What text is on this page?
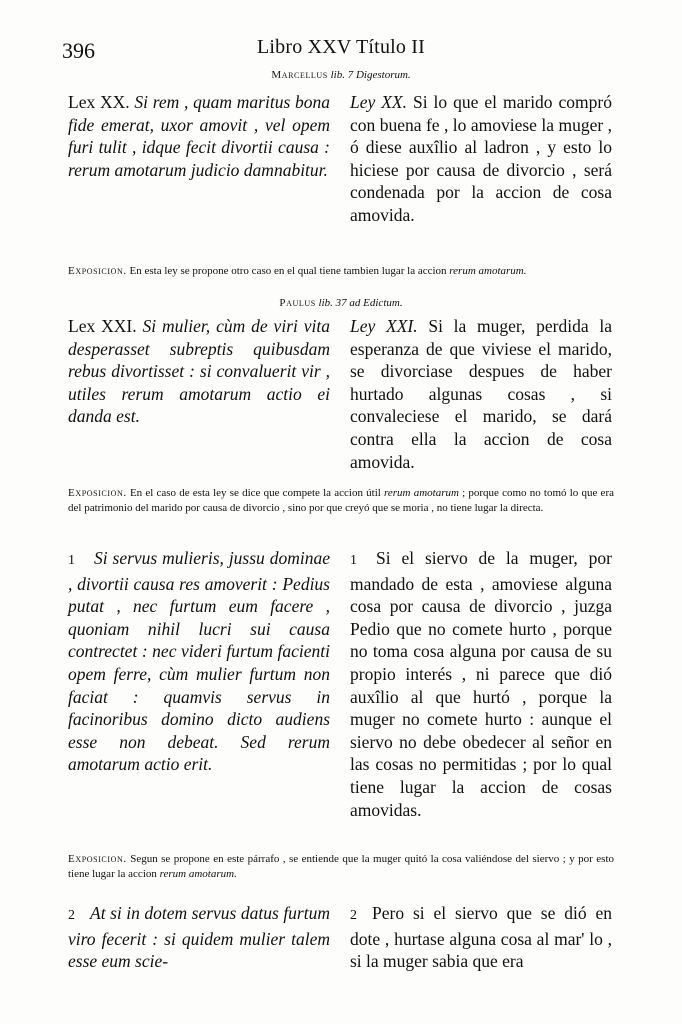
396	Libro XXV Título II
Marcellus lib. 7 Digestorum.

Lex XX. Si rem , quam maritus bona fide emerat, uxor amovit , vel opem furi tulit , idque fecit divortii causa : rerum amotarum judicio damnabitur.

Ley XX. Si lo que el marido compró con buena fe , lo amoviese la muger , ó diese auxîlio al ladron , y esto lo hiciese por causa de divorcio , será condenada por la accion de cosa amovida.

Exposicion. En esta ley se propone otro caso en el qual tiene tambien lugar la accion rerum amotarum.
Paulus lib. 37 ad Edictum.

Lex XXI. Si mulier, cùm de viri vita desperasset subreptis quibusdam rebus divortisset : si convaluerit vir , utiles rerum amotarum actio ei danda est.

Ley XXI. Si la muger, perdida la esperanza de que viviese el marido, se divorciase despues de haber hurtado algunas cosas , si convaleciese el marido, se dará contra ella la accion de cosa amovida.

Exposicion. En el caso de esta ley se dice que compete la accion útil rerum amotarum ; porque como no tomó lo que era del patrimonio del marido por causa de divorcio , sino por que creyó que se moria , no tiene lugar la directa.

1 Si servus mulieris, jussu dominae , divortii causa res amoverit : Pedius putat , nec furtum eum facere , quoniam nihil lucri sui causa contrectet : nec videri furtum facienti opem ferre, cùm mulier furtum non faciat : quamvis servus in facinoribus domino dicto audiens esse non debeat. Sed rerum amotarum actio erit.

1 Si el siervo de la muger, por mandado de esta , amoviese alguna cosa por causa de divorcio , juzga Pedio que no comete hurto , porque no toma cosa alguna por causa de su propio interés , ni parece que dió auxîlio al que hurtó , porque la muger no comete hurto : aunque el siervo no debe obedecer al señor en las cosas no permitidas ; por lo qual tiene lugar la accion de cosas amovidas.

Exposicion. Segun se propone en este párrafo , se entiende que la muger quitó la cosa valiéndose del siervo ; y por esto tiene lugar la accion rerum amotarum.

2 At si in dotem servus datus furtum viro fecerit : si quidem mulier talem esse eum scie-

2 Pero si el siervo que se dió en dote , hurtase alguna cosa al mar' lo , si la muger sabia que era
